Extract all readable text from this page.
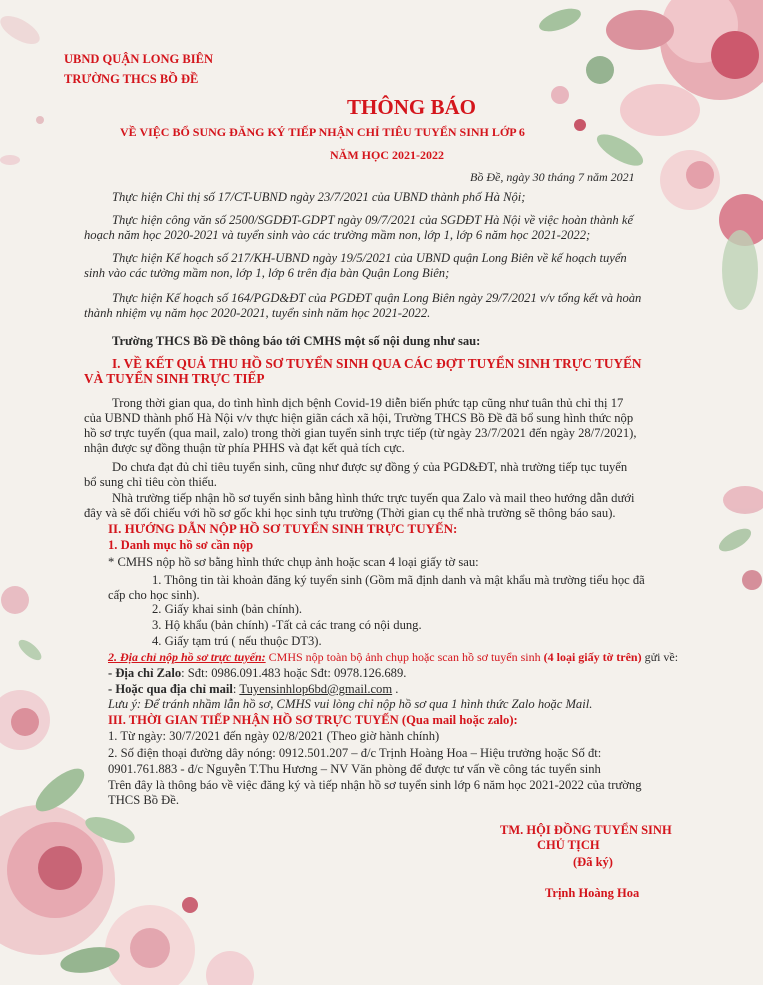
UBND QUẬN LONG BIÊN
TRƯỜNG THCS BỒ ĐỀ
THÔNG BÁO
VỀ VIỆC BỔ SUNG ĐĂNG KÝ TIẾP NHẬN CHỈ TIÊU TUYỂN SINH LỚP 6
NĂM HỌC 2021-2022
Bồ Đề, ngày 30 tháng 7 năm 2021
Thực hiện Chỉ thị số 17/CT-UBND ngày 23/7/2021 của UBND thành phố Hà Nội;
Thực hiện công văn số 2500/SGDĐT-GDPT ngày 09/7/2021 của SGDĐT Hà Nội về việc hoàn thành kế hoạch năm học 2020-2021 và tuyển sinh vào các trường mầm non, lớp 1, lớp 6 năm học 2021-2022;
Thực hiện Kế hoạch số 217/KH-UBND ngày 19/5/2021 của UBND quận Long Biên về kế hoạch tuyển sinh vào các tường mầm non, lớp 1, lớp 6 trên địa bàn Quận Long Biên;
Thực hiện Kế hoạch số 164/PGD&ĐT của PGDĐT quận Long Biên ngày 29/7/2021 v/v tổng kết và hoàn thành nhiệm vụ năm học 2020-2021, tuyển sinh năm học 2021-2022.
Trường THCS Bồ Đề thông báo tới CMHS một số nội dung như sau:
I. VỀ KẾT QUẢ THU HỒ SƠ TUYỂN SINH QUA CÁC ĐỢT TUYỂN SINH TRỰC TUYẾN VÀ TUYỂN SINH TRỰC TIẾP
Trong thời gian qua, do tình hình dịch bệnh Covid-19 diễn biến phức tạp cũng như tuân thủ chỉ thị 17 của UBND thành phố Hà Nội v/v thực hiện giãn cách xã hội, Trường THCS Bồ Đề đã bổ sung hình thức nộp hồ sơ trực tuyến (qua mail, zalo) trong thời gian tuyển sinh trực tiếp (từ ngày 23/7/2021 đến ngày 28/7/2021), nhận được sự đồng thuận từ phía PHHS và đạt kết quả tích cực.
Do chưa đạt đủ chỉ tiêu tuyển sinh, cũng như được sự đồng ý của PGD&ĐT, nhà trường tiếp tục tuyển bổ sung chỉ tiêu còn thiếu.
Nhà trường tiếp nhận hồ sơ tuyển sinh bằng hình thức trực tuyến qua Zalo và mail theo hướng dẫn dưới đây và sẽ đối chiếu với hồ sơ gốc khi học sinh tựu trường (Thời gian cụ thể nhà trường sẽ thông báo sau).
II. HƯỚNG DẪN NỘP HỒ SƠ TUYỂN SINH TRỰC TUYẾN:
1. Danh mục hồ sơ cần nộp
* CMHS nộp hồ sơ bằng hình thức chụp ảnh hoặc scan 4 loại giấy tờ sau:
1. Thông tin tài khoản đăng ký tuyển sinh (Gồm mã định danh và mật khẩu mà trường tiểu học đã cấp cho học sinh).
2. Giấy khai sinh (bản chính).
3. Hộ khẩu (bản chính) -Tất cả các trang có nội dung.
4. Giấy tạm trú ( nếu thuộc DT3).
2. Địa chỉ nộp hồ sơ trực tuyến: CMHS nộp toàn bộ ảnh chụp hoặc scan hồ sơ tuyển sinh (4 loại giấy tờ trên) gửi về:
- Địa chỉ Zalo: Sđt: 0986.091.483 hoặc Sđt: 0978.126.689.
- Hoặc qua địa chỉ mail: Tuyensinhlop6bd@gmail.com .
Lưu ý: Để tránh nhầm lẫn hồ sơ, CMHS vui lòng chỉ nộp hồ sơ qua 1 hình thức Zalo hoặc Mail.
III. THỜI GIAN TIẾP NHẬN HỒ SƠ TRỰC TUYẾN (Qua mail hoặc zalo):
1. Từ ngày: 30/7/2021 đến ngày 02/8/2021 (Theo giờ hành chính)
2. Số điện thoại đường dây nóng: 0912.501.207 – đ/c Trịnh Hoàng Hoa – Hiệu trưởng hoặc Số đt:
0901.761.883 - đ/c Nguyễn T.Thu Hương – NV Văn phòng để được tư vấn về công tác tuyển sinh
Trên đây là thông báo về việc đăng ký và tiếp nhận hồ sơ tuyển sinh lớp 6 năm học 2021-2022 của trường THCS Bồ Đề.
TM. HỘI ĐỒNG TUYỂN SINH
CHỦ TỊCH
(Đã ký)
Trịnh Hoàng Hoa
